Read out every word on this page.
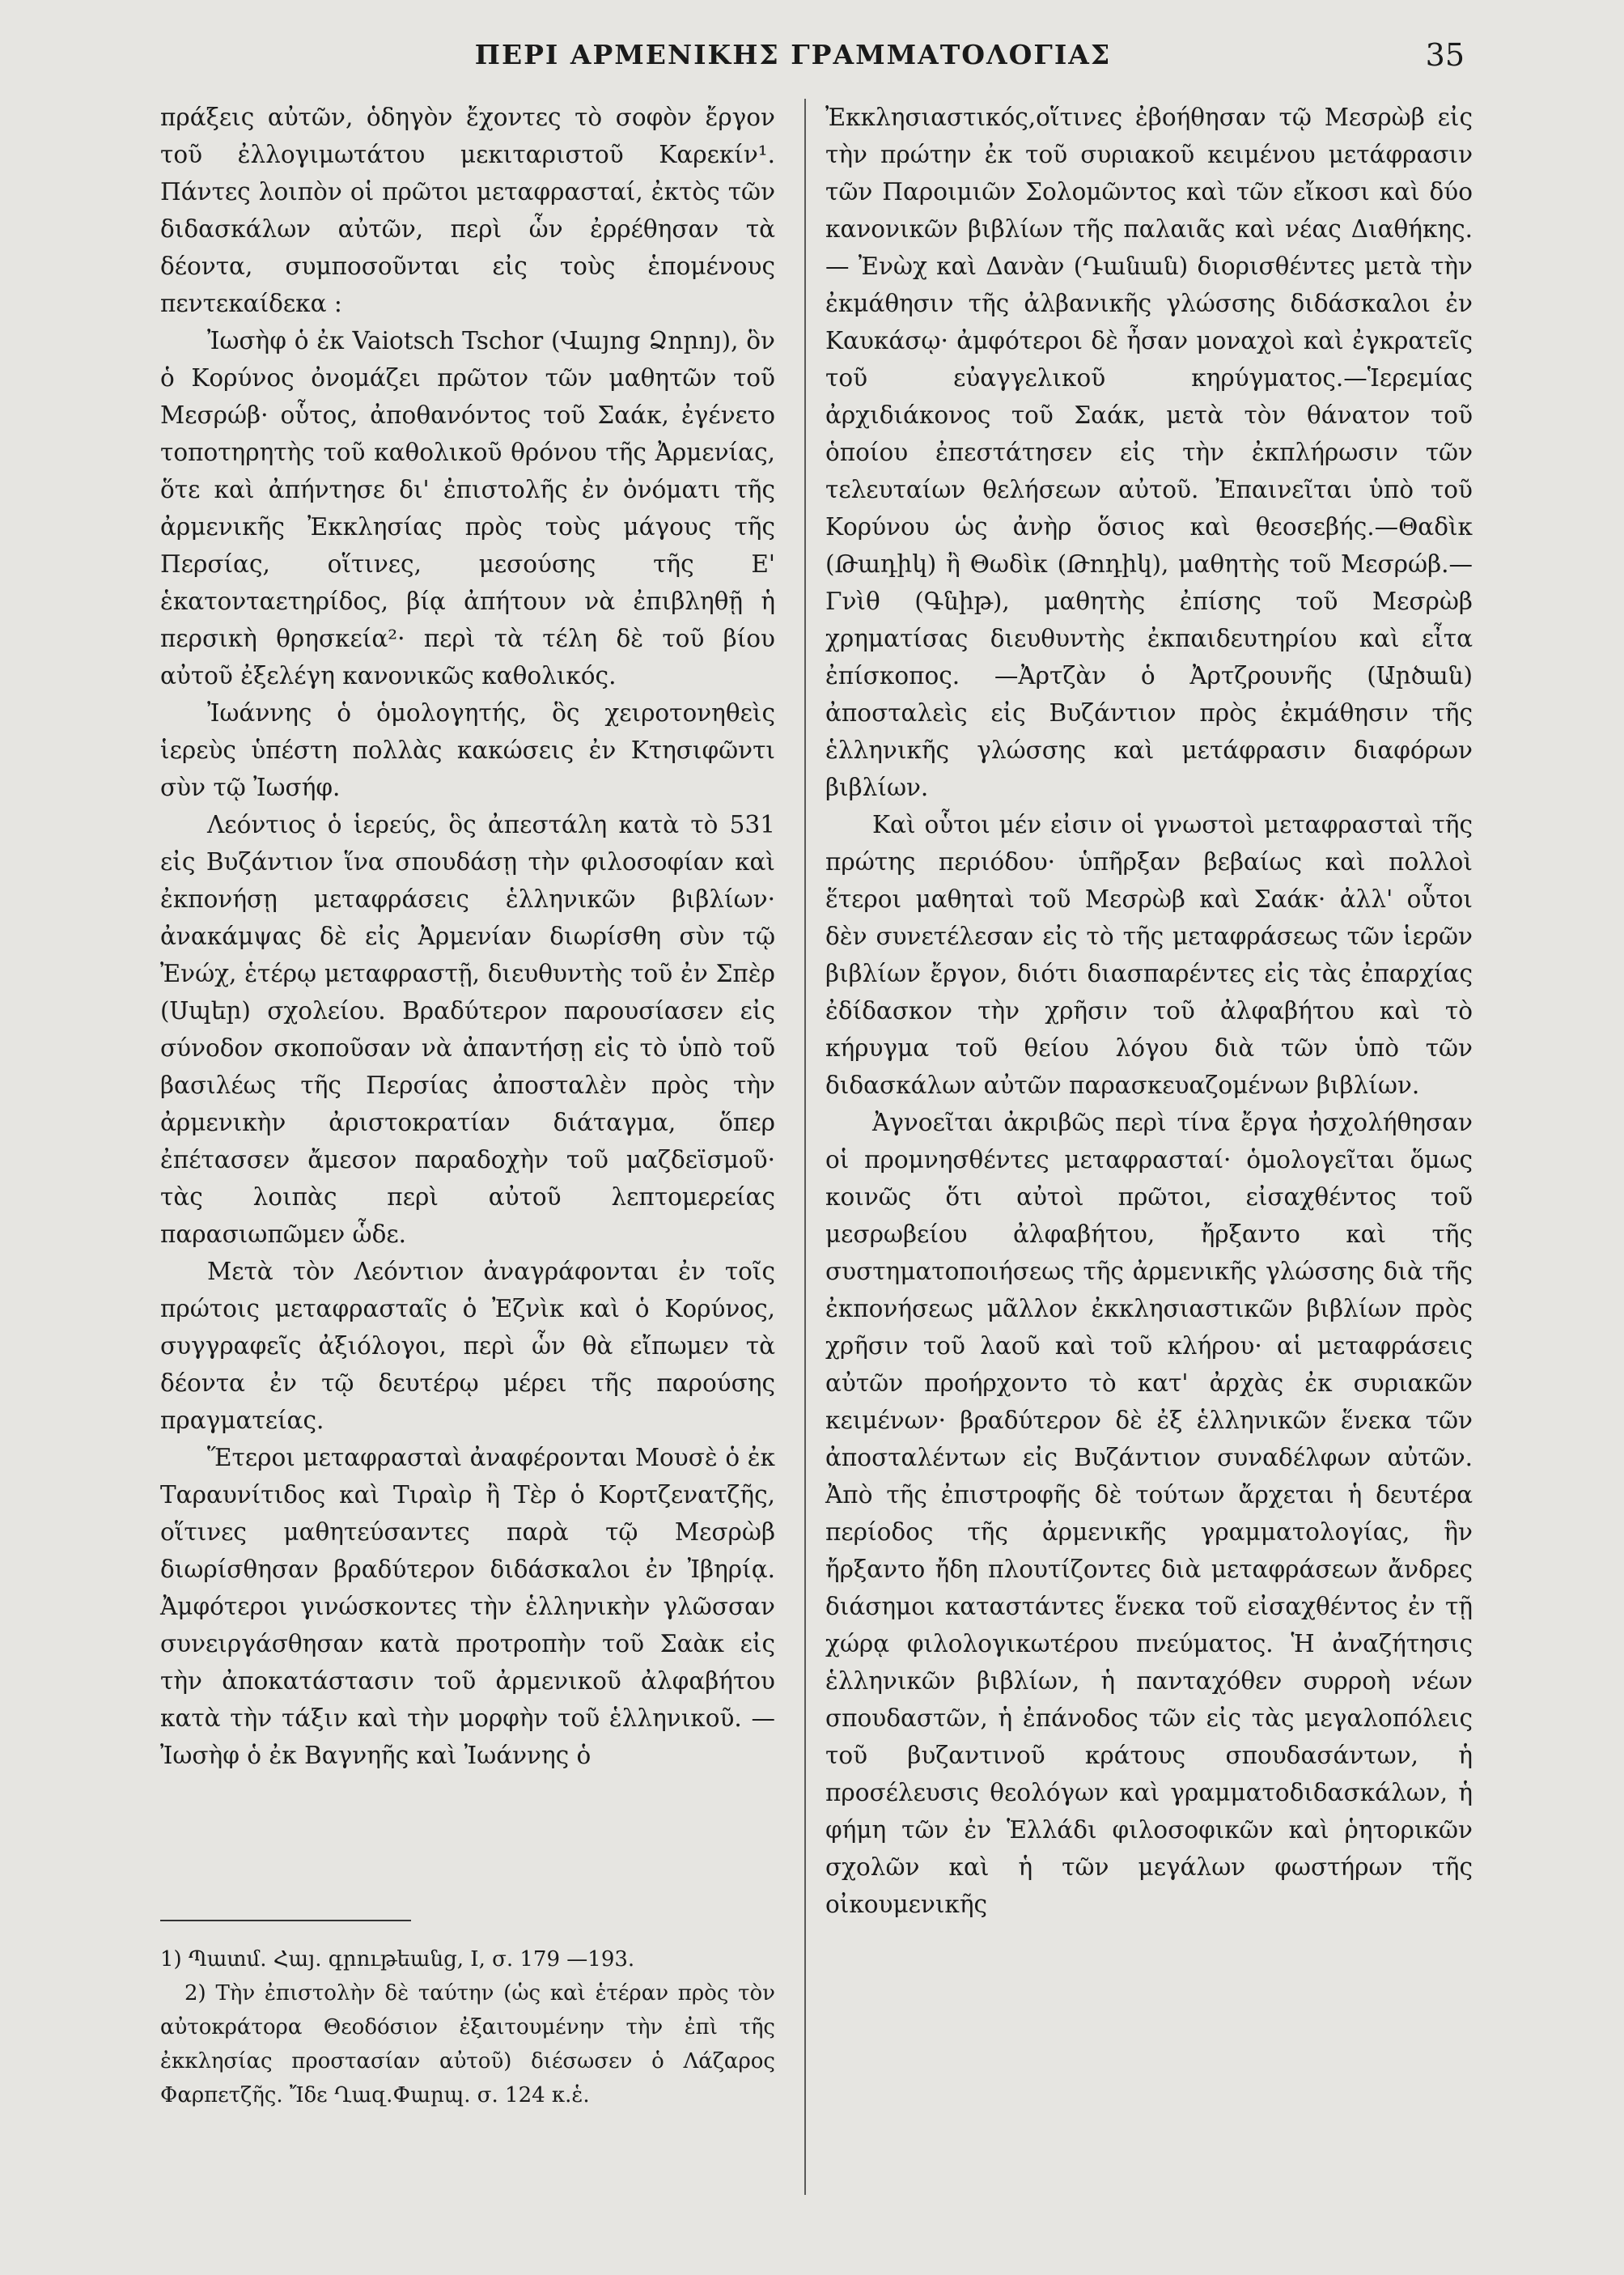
ΠΕΡΙ ΑΡΜΕΝΙΚΗΣ ΓΡΑΜΜΑΤΟΛΟΓΙΑΣ	35

πράξεις αὐτῶν, ὁδηγὸν ἔχοντες τὸ σοφὸν ἔργον τοῦ ἐλλογιμωτάτου μεκιταριστοῦ Καρεκίν¹. Πάντες λοιπὸν οἱ πρῶτοι μεταφρασταί, ἐκτὸς τῶν διδασκάλων αὐτῶν, περὶ ὧν ἐρρέθησαν τὰ δέοντα, συμποσοῦνται εἰς τοὺς ἑπομένους πεντεκαίδεκα :

Ἰωσὴφ ὁ ἐκ Vaiotsch Tschor (Վայոց Ձորոյ), ὃν ὁ Κορύνος ὀνομάζει πρῶτον τῶν μαθητῶν τοῦ Μεσρώβ· οὗτος, ἀποθανόντος τοῦ Σαάκ, ἐγένετο τοποτηρητὴς τοῦ καθολικοῦ θρόνου τῆς Ἀρμενίας, ὅτε καὶ ἀπήντησε δι' ἐπιστολῆς ἐν ὀνόματι τῆς ἀρμενικῆς Ἐκκλησίας πρὸς τοὺς μάγους τῆς Περσίας, οἵτινες, μεσούσης τῆς Ε' ἑκατονταετηρίδος, βίᾳ ἀπήτουν νὰ ἐπιβληθῇ ἡ περσικὴ θρησκεία²· περὶ τὰ τέλη δὲ τοῦ βίου αὐτοῦ ἐξελέγη κανονικῶς καθολικός.

Ἰωάννης ὁ ὁμολογητής, ὃς χειροτονηθεὶς ἱερεὺς ὑπέστη πολλὰς κακώσεις ἐν Κτησιφῶντι σὺν τῷ Ἰωσήφ.

Λεόντιος ὁ ἱερεύς, ὃς ἀπεστάλη κατὰ τὸ 531 εἰς Βυζάντιον ἵνα σπουδάσῃ τὴν φιλοσοφίαν καὶ ἐκπονήσῃ μεταφράσεις ἑλληνικῶν βιβλίων· ἀνακάμψας δὲ εἰς Ἀρμενίαν διωρίσθη σὺν τῷ Ἐνώχ, ἑτέρῳ μεταφραστῇ, διευθυντὴς τοῦ ἐν Σπὲρ (Սպեր) σχολείου. Βραδύτερον παρουσίασεν εἰς σύνοδον σκοποῦσαν νὰ ἀπαντήσῃ εἰς τὸ ὑπὸ τοῦ βασιλέως τῆς Περσίας ἀποσταλὲν πρὸς τὴν ἀρμενικὴν ἀριστοκρατίαν διάταγμα, ὅπερ ἐπέτασσεν ἄμεσον παραδοχὴν τοῦ μαζδεϊσμοῦ· τὰς λοιπὰς περὶ αὐτοῦ λεπτομερείας παρασιωπῶμεν ὧδε.

Μετὰ τὸν Λεόντιον ἀναγράφονται ἐν τοῖς πρώτοις μεταφρασταῖς ὁ Ἐζνὶκ καὶ ὁ Κορύνος, συγγραφεῖς ἀξιόλογοι, περὶ ὧν θὰ εἴπωμεν τὰ δέοντα ἐν τῷ δευτέρῳ μέρει τῆς παρούσης πραγματείας.

Ἕτεροι μεταφρασταὶ ἀναφέρονται Μουσὲ ὁ ἐκ Ταραυνίτιδος καὶ Τιραὶρ ἢ Τὲρ ὁ Κορτζενατζῆς, οἵτινες μαθητεύσαντες παρὰ τῷ Μεσρὼβ διωρίσθησαν βραδύτερον διδάσκαλοι ἐν Ἰβηρίᾳ. Ἀμφότεροι γινώσκοντες τὴν ἑλληνικὴν γλῶσσαν συνειργάσθησαν κατὰ προτροπὴν τοῦ Σαὰκ εἰς τὴν ἀποκατάστασιν τοῦ ἀρμενικοῦ ἀλφαβήτου κατὰ τὴν τάξιν καὶ τὴν μορφὴν τοῦ ἑλληνικοῦ. — Ἰωσὴφ ὁ ἐκ Βαγνηῆς καὶ Ἰωάννης ὁ

Ἐκκλησιαστικός,οἵτινες ἐβοήθησαν τῷ Μεσρὼβ εἰς τὴν πρώτην ἐκ τοῦ συριακοῦ κειμένου μετάφρασιν τῶν Παροιμιῶν Σολομῶντος καὶ τῶν εἴκοσι καὶ δύο κανονικῶν βιβλίων τῆς παλαιᾶς καὶ νέας Διαθήκης. — Ἐνὼχ καὶ Δανὰν (Դանան) διορισθέντες μετὰ τὴν ἐκμάθησιν τῆς ἀλβανικῆς γλώσσης διδάσκαλοι ἐν Καυκάσῳ· ἀμφότεροι δὲ ἦσαν μοναχοὶ καὶ ἐγκρατεῖς τοῦ εὐαγγελικοῦ κηρύγματος.—Ἱερεμίας ἀρχιδιάκονος τοῦ Σαάκ, μετὰ τὸν θάνατον τοῦ ὁποίου ἐπεστάτησεν εἰς τὴν ἐκπλήρωσιν τῶν τελευταίων θελήσεων αὐτοῦ. Ἐπαινεῖται ὑπὸ τοῦ Κορύνου ὡς ἀνὴρ ὅσιος καὶ θεοσεβής.—Θαδὶκ (Թադիկ) ἢ Θωδὶκ (Թոդիկ), μαθητὴς τοῦ Μεσρώβ.—Γνὶθ (Գնիթ), μαθητὴς ἐπίσης τοῦ Μεσρὼβ χρηματίσας διευθυντὴς ἐκπαιδευτηρίου καὶ εἶτα ἐπίσκοπος. —Ἀρτζὰν ὁ Ἀρτζρουνῆς (Արծան) ἀποσταλεὶς εἰς Βυζάντιον πρὸς ἐκμάθησιν τῆς ἑλληνικῆς γλώσσης καὶ μετάφρασιν διαφόρων βιβλίων.

Καὶ οὗτοι μέν εἰσιν οἱ γνωστοὶ μεταφρασταὶ τῆς πρώτης περιόδου· ὑπῆρξαν βεβαίως καὶ πολλοὶ ἕτεροι μαθηταὶ τοῦ Μεσρὼβ καὶ Σαάκ· ἀλλ' οὗτοι δὲν συνετέλεσαν εἰς τὸ τῆς μεταφράσεως τῶν ἱερῶν βιβλίων ἔργον, διότι διασπαρέντες εἰς τὰς ἐπαρχίας ἐδίδασκον τὴν χρῆσιν τοῦ ἀλφαβήτου καὶ τὸ κήρυγμα τοῦ θείου λόγου διὰ τῶν ὑπὸ τῶν διδασκάλων αὐτῶν παρασκευαζομένων βιβλίων.

Ἀγνοεῖται ἀκριβῶς περὶ τίνα ἔργα ἠσχολήθησαν οἱ προμνησθέντες μεταφρασταί· ὁμολογεῖται ὅμως κοινῶς ὅτι αὐτοὶ πρῶτοι, εἰσαχθέντος τοῦ μεσρωβείου ἀλφαβήτου, ἤρξαντο καὶ τῆς συστηματοποιήσεως τῆς ἀρμενικῆς γλώσσης διὰ τῆς ἐκπονήσεως μᾶλλον ἐκκλησιαστικῶν βιβλίων πρὸς χρῆσιν τοῦ λαοῦ καὶ τοῦ κλήρου· αἱ μεταφράσεις αὐτῶν προήρχοντο τὸ κατ' ἀρχὰς ἐκ συριακῶν κειμένων· βραδύτερον δὲ ἐξ ἑλληνικῶν ἕνεκα τῶν ἀποσταλέντων εἰς Βυζάντιον συναδέλφων αὐτῶν. Ἀπὸ τῆς ἐπιστροφῆς δὲ τούτων ἄρχεται ἡ δευτέρα περίοδος τῆς ἀρμενικῆς γραμματολογίας, ἣν ἤρξαντο ἤδη πλουτίζοντες διὰ μεταφράσεων ἄνδρες διάσημοι καταστάντες ἕνεκα τοῦ εἰσαχθέντος ἐν τῇ χώρᾳ φιλολογικωτέρου πνεύματος. Ἡ ἀναζήτησις ἑλληνικῶν βιβλίων, ἡ πανταχόθεν συρροὴ νέων σπουδαστῶν, ἡ ἐπάνοδος τῶν εἰς τὰς μεγαλοπόλεις τοῦ βυζαντινοῦ κράτους σπουδασάντων, ἡ προσέλευσις θεολόγων καὶ γραμματοδιδασκάλων, ἡ φήμη τῶν ἐν Ἑλλάδι φιλοσοφικῶν καὶ ῥητορικῶν σχολῶν καὶ ἡ τῶν μεγάλων φωστήρων τῆς οἰκουμενικῆς

1) Պատմ. Հայ. գրութեանց, I, σ. 179 —193.

2) Τὴν ἐπιστολὴν δὲ ταύτην (ὡς καὶ ἑτέραν πρὸς τὸν αὐτοκράτορα Θεοδόσιον ἐξαιτουμένην τὴν ἐπὶ τῆς ἐκκλησίας προστασίαν αὐτοῦ) διέσωσεν ὁ Λάζαρος Φαρπετζῆς. Ἴδε Ղազ.Փարպ. σ. 124 κ.ἑ.
